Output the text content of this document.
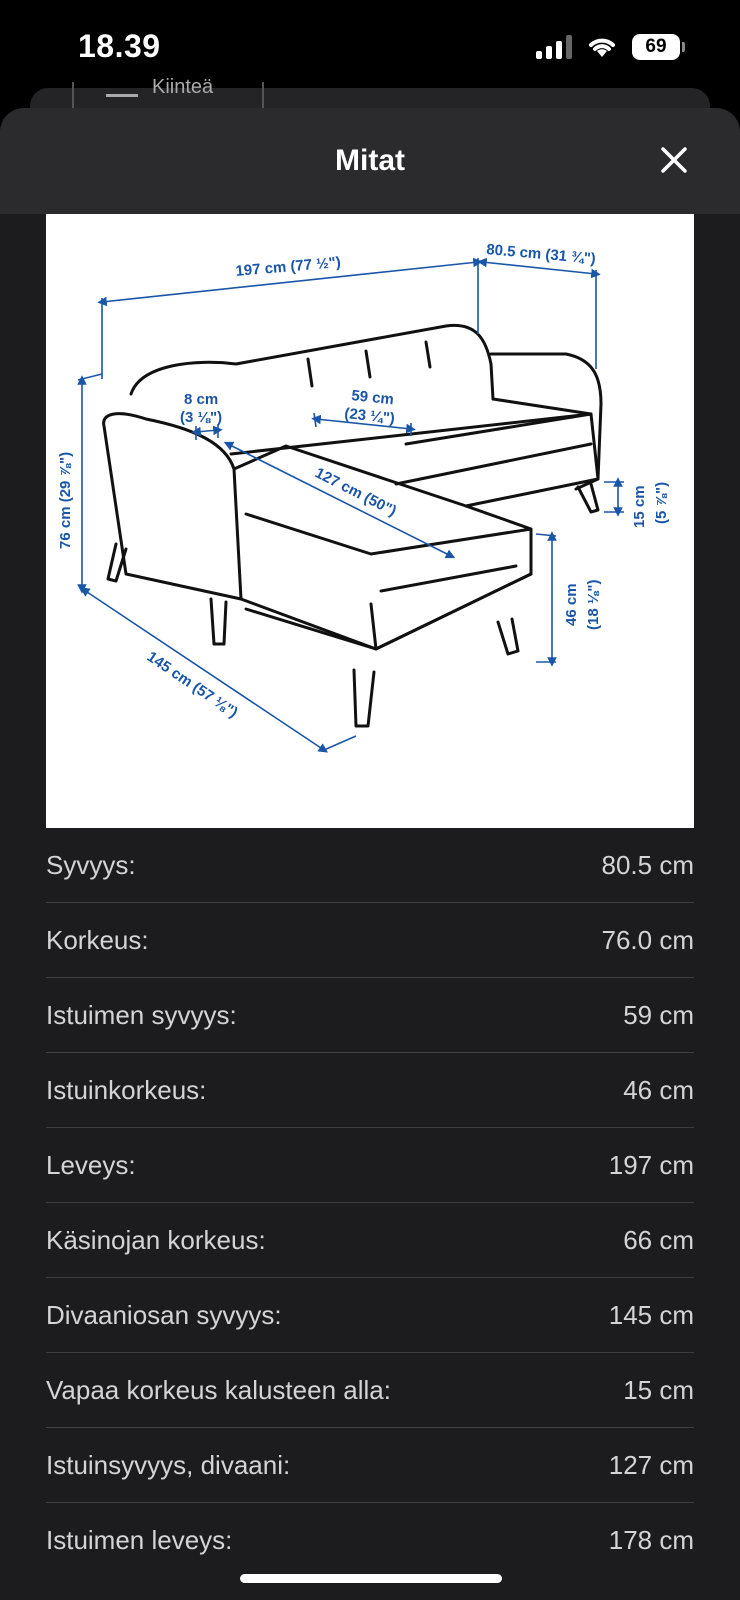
18.39	69
Kiinteä
Mitat
197 cm (77 ½")	80.5 cm (31 ¾")
8 cm
(3 ⅛")
59 cm
(23 ¼")
127 cm (50")
76 cm (29 ⅞")
145 cm (57 ⅛")
46 cm (18 ⅛")
15 cm (5 ⅞")
Syvyys:	80.5 cm
Korkeus:	76.0 cm
Istuimen syvyys:	59 cm
Istuinkorkeus:	46 cm
Leveys:	197 cm
Käsinojan korkeus:	66 cm
Divaaniosan syvyys:	145 cm
Vapaa korkeus kalusteen alla:	15 cm
Istuinsyvyys, divaani:	127 cm
Istuimen leveys:	178 cm
